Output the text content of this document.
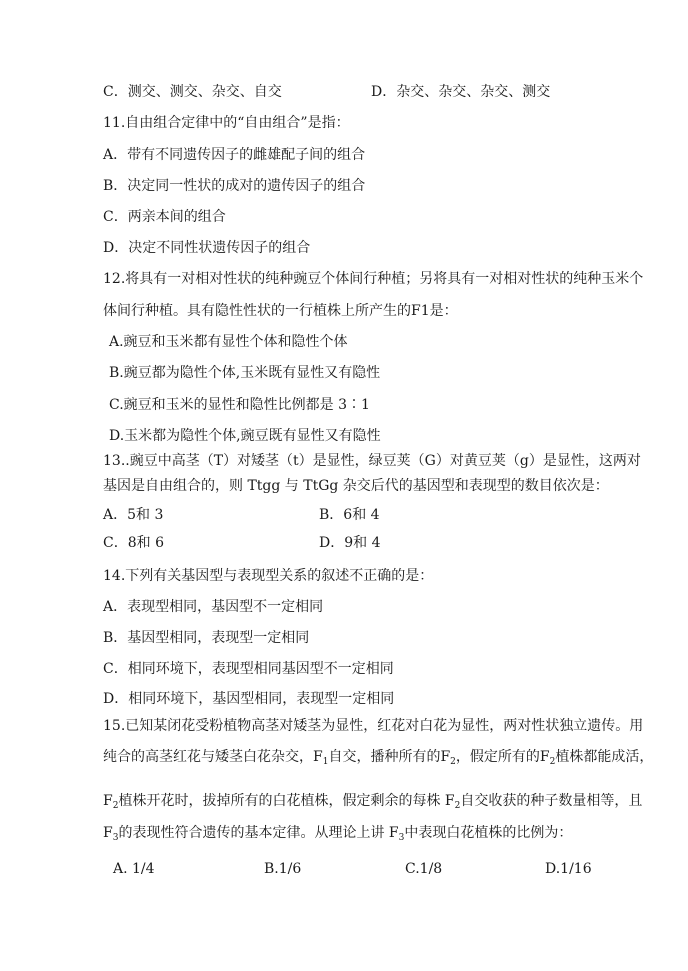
C．测交、测交、杂交、自交	D．杂交、杂交、杂交、测交
11.自由组合定律中的“自由组合”是指：
A．带有不同遗传因子的雌雄配子间的组合
B．决定同一性状的成对的遗传因子的组合
C．两亲本间的组合
D．决定不同性状遗传因子的组合
12.将具有一对相对性状的纯种豌豆个体间行种植；另将具有一对相对性状的纯种玉米个
体间行种植。具有隐性性状的一行植株上所产生的F1是：
A.豌豆和玉米都有显性个体和隐性个体
B.豌豆都为隐性个体,玉米既有显性又有隐性
C.豌豆和玉米的显性和隐性比例都是 3∶1
D.玉米都为隐性个体,豌豆既有显性又有隐性
13..豌豆中高茎（T）对矮茎（t）是显性，绿豆荚（G）对黄豆荚（g）是显性，这两对
基因是自由组合的，则 Ttgg 与 TtGg 杂交后代的基因型和表现型的数目依次是：
A．5和 3	B．6和 4
C．8和 6	D．9和 4
14.下列有关基因型与表现型关系的叙述不正确的是：
A．表现型相同，基因型不一定相同
B．基因型相同，表现型一定相同
C．相同环境下，表现型相同基因型不一定相同
D．相同环境下，基因型相同，表现型一定相同
15.已知某闭花受粉植物高茎对矮茎为显性，红花对白花为显性，两对性状独立遗传。用
纯合的高茎红花与矮茎白花杂交，$F_1$自交，播种所有的$F_2$，假定所有的$F_2$植株都能成活，
$F_2$植株开花时，拔掉所有的白花植株，假定剩余的每株 $F_2$自交收获的种子数量相等，且
$F_3$的表现性符合遗传的基本定律。从理论上讲 $F_3$中表现白花植株的比例为：
A. 1/4	B.1/6	C.1/8	D.1/16
